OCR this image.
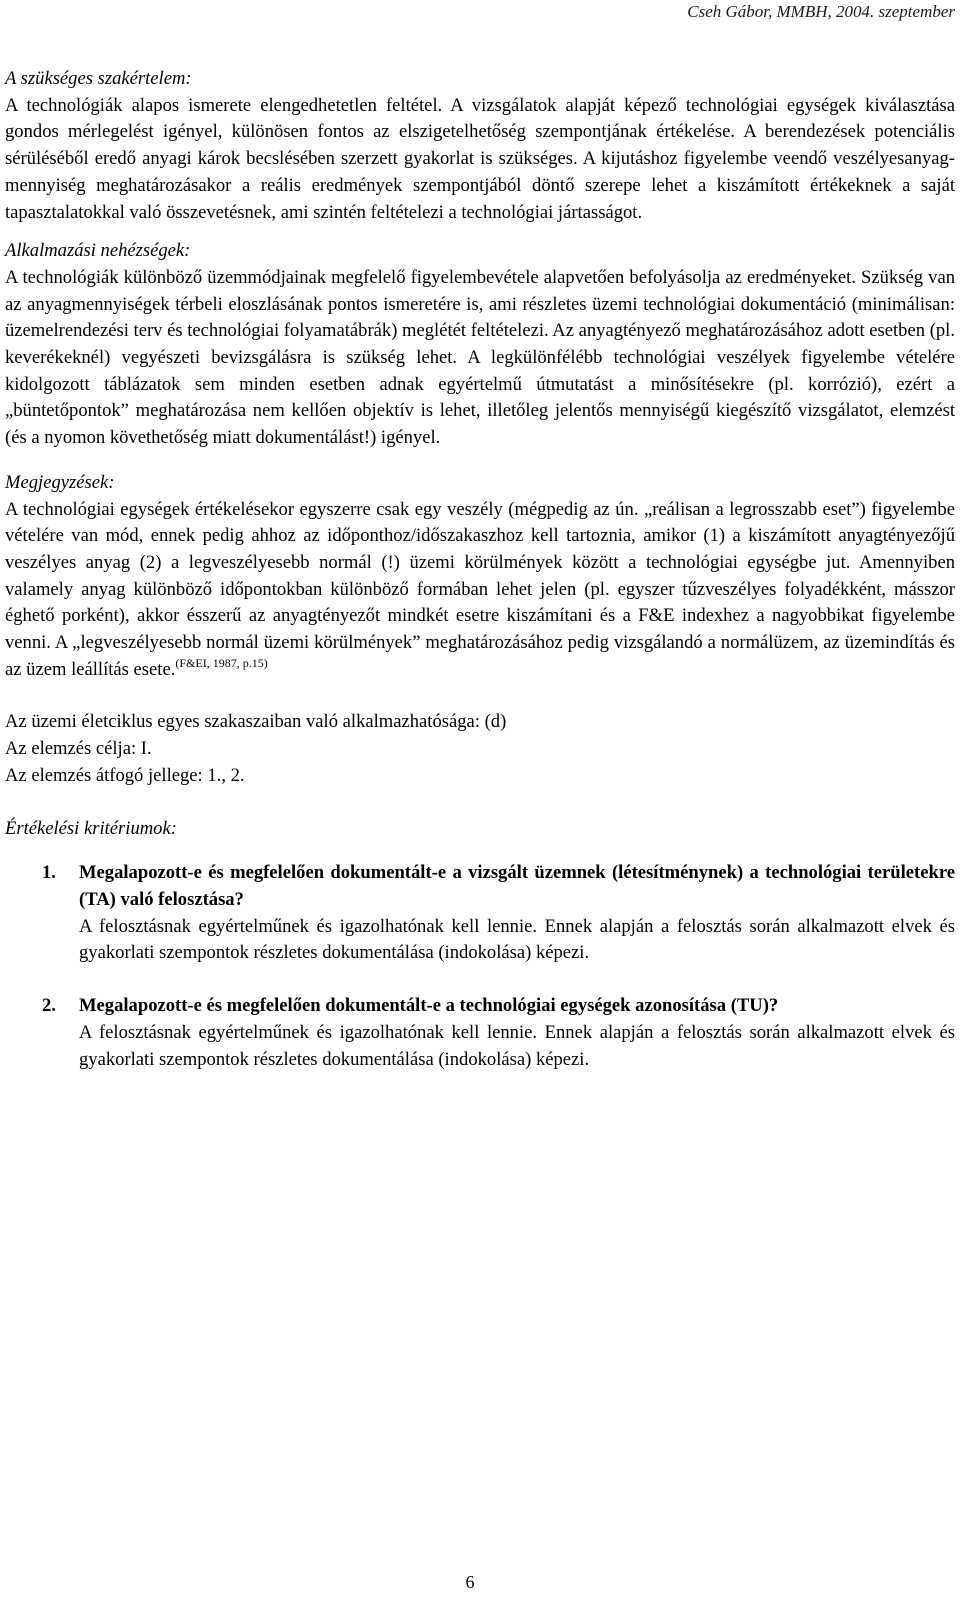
Cseh Gábor, MMBH, 2004. szeptember

A szükséges szakértelem:

A technológiák alapos ismerete elengedhetetlen feltétel. A vizsgálatok alapját képező technológiai egységek kiválasztása gondos mérlegelést igényel, különösen fontos az elszigetelhetőség szempontjának értékelése. A berendezések potenciális sérüléséből eredő anyagi károk becslésében szerzett gyakorlat is szükséges. A kijutáshoz figyelembe veendő veszélyesanyag-mennyiség meghatározásakor a reális eredmények szempontjából döntő szerepe lehet a kiszámított értékeknek a saját tapasztalatokkal való összevetésnek, ami szintén feltételezi a technológiai jártasságot.

Alkalmazási nehézségek:

A technológiák különböző üzemmódjainak megfelelő figyelembevétele alapvetően befolyásolja az eredményeket. Szükség van az anyagmennyiségek térbeli eloszlásának pontos ismeretére is, ami részletes üzemi technológiai dokumentáció (minimálisan: üzemelrendezési terv és technológiai folyamatábrák) meglétét feltételezi. Az anyagtényező meghatározásához adott esetben (pl. keverékeknél) vegyészeti bevizsgálásra is szükség lehet. A legkülönfélébb technológiai veszélyek figyelembe vételére kidolgozott táblázatok sem minden esetben adnak egyértelmű útmutatást a minősítésekre (pl. korrózió), ezért a „büntetőpontok” meghatározása nem kellően objektív is lehet, illetőleg jelentős mennyiségű kiegészítő vizsgálatot, elemzést (és a nyomon követhetőség miatt dokumentálást!) igényel.

Megjegyzések:

A technológiai egységek értékelésekor egyszerre csak egy veszély (mégpedig az ún. „reálisan a legrosszabb eset”) figyelembe vételére van mód, ennek pedig ahhoz az időponthoz/időszakaszhoz kell tartoznia, amikor (1) a kiszámított anyagtényezőjű veszélyes anyag (2) a legveszélyesebb normál (!) üzemi körülmények között a technológiai egységbe jut. Amennyiben valamely anyag különböző időpontokban különböző formában lehet jelen (pl. egyszer tűzveszélyes folyadékként, másszor éghető porként), akkor ésszerű az anyagtényezőt mindkét esetre kiszámítani és a F&E indexhez a nagyobbikat figyelembe venni. A „legveszélyesebb normál üzemi körülmények” meghatározásához pedig vizsgálandó a normálüzem, az üzemindítás és az üzem leállítás esete.$^{(F\&EI, 1987, p.15)}$

Az üzemi életciklus egyes szakaszaiban való alkalmazhatósága: (d)

Az elemzés célja: I.

Az elemzés átfogó jellege: 1., 2.

Értékelési kritériumok:

1. Megalapozott-e és megfelelően dokumentált-e a vizsgált üzemnek (létesítménynek) a technológiai területekre (TA) való felosztása?

A felosztásnak egyértelműnek és igazolhatónak kell lennie. Ennek alapján a felosztás során alkalmazott elvek és gyakorlati szempontok részletes dokumentálása (indokolása) képezi.

2. Megalapozott-e és megfelelően dokumentált-e a technológiai egységek azonosítása (TU)?

A felosztásnak egyértelműnek és igazolhatónak kell lennie. Ennek alapján a felosztás során alkalmazott elvek és gyakorlati szempontok részletes dokumentálása (indokolása) képezi.

6
